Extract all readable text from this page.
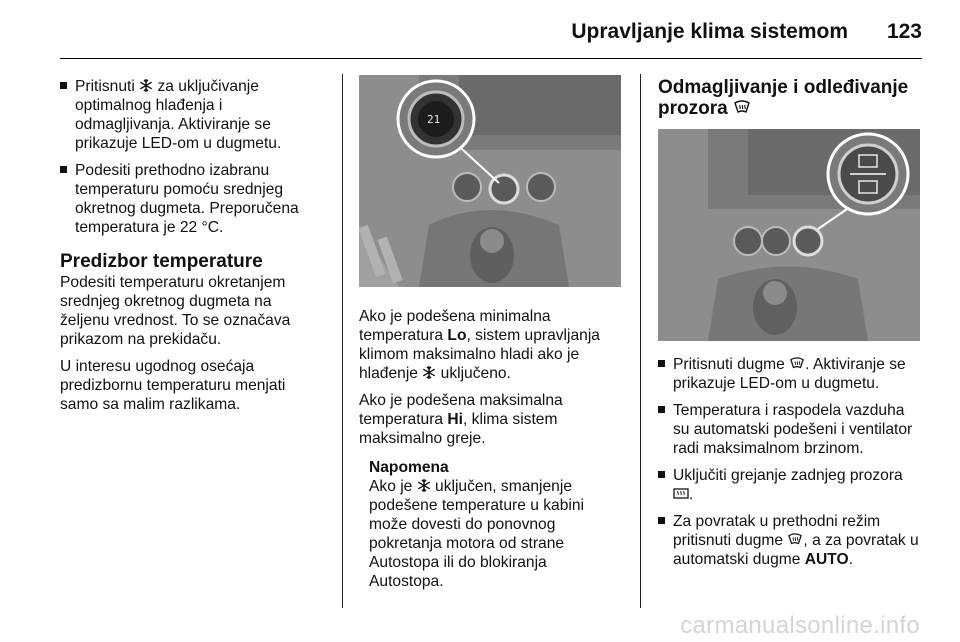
Upravljanje klima sistemom 123
Pritisnuti za uključivanje optimalnog hlađenja i odmagljivanja. Aktiviranje se prikazuje LED-om u dugmetu.
Podesiti prethodno izabranu temperaturu pomoću srednjeg okretnog dugmeta. Preporučena temperatura je 22 °C.
Predizbor temperature

Podesiti temperaturu okretanjem srednjeg okretnog dugmeta na željenu vrednost. To se označava prikazom na prekidaču.

U interesu ugodnog osećaja predizbornu temperaturu menjati samo sa malim razlikama.

21

Ako je podešena minimalna temperatura Lo, sistem upravljanja klimom maksimalno hladi ako je hlađenje uključeno.

Ako je podešena maksimalna temperatura Hi, klima sistem maksimalno greje.

Napomena
Ako je uključen, smanjenje podešene temperature u kabini može dovesti do ponovnog pokretanja motora od strane Autostopa ili do blokiranja Autostopa.
Odmagljivanje i odleđivanje prozora
Pritisnuti dugme . Aktiviranje se prikazuje LED-om u dugmetu.
Temperatura i raspodela vazduha su automatski podešeni i ventilator radi maksimalnom brzinom.
Uključiti grejanje zadnjeg prozora .
Za povratak u prethodni režim pritisnuti dugme , a za povratak u automatski dugme AUTO.
carmanualsonline.info
